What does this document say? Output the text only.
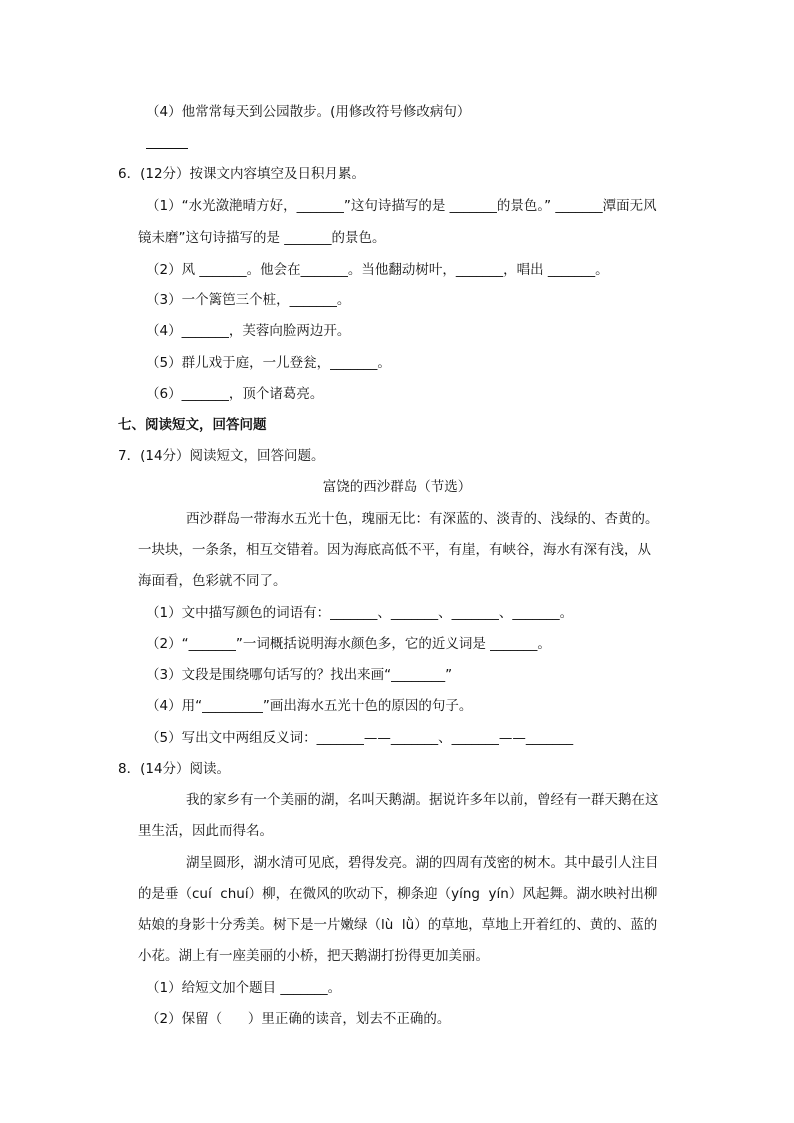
（4）他常常每天到公园散步。(用修改符号修改病句）
6．(12分）按课文内容填空及日积月累。
（1）“水光潋滟晴方好，_______”这句诗描写的是 _______的景色。” _______潭面无风
镜未磨”这句诗描写的是 _______的景色。
（2）风 _______。他会在_______。当他翻动树叶，_______，唱出 _______。
（3）一个篱笆三个桩，_______。
（4）_______，芙蓉向脸两边开。
（5）群儿戏于庭，一儿登瓮，_______。
（6）_______，顶个诸葛亮。
七、阅读短文，回答问题
7．(14分）阅读短文，回答问题。
富饶的西沙群岛（节选）
西沙群岛一带海水五光十色，瑰丽无比：有深蓝的、淡青的、浅绿的、杏黄的。
一块块，一条条，相互交错着。因为海底高低不平，有崖，有峡谷，海水有深有浅，从
海面看，色彩就不同了。
（1）文中描写颜色的词语有：_______、_______、_______、_______。
（2）“_______”一词概括说明海水颜色多，它的近义词是 _______。
（3）文段是围绕哪句话写的？找出来画“________”
（4）用“_________”画出海水五光十色的原因的句子。
（5）写出文中两组反义词：_______——_______、_______——_______
8．(14分）阅读。
我的家乡有一个美丽的湖，名叫天鹅湖。据说许多年以前，曾经有一群天鹅在这
里生活，因此而得名。
湖呈圆形，湖水清可见底，碧得发亮。湖的四周有茂密的树木。其中最引人注目
的是垂（cuí  chuí）柳，在微风的吹动下，柳条迎（yíng  yín）风起舞。湖水映衬出柳
姑娘的身影十分秀美。树下是一片嫩绿（lù  lǜ）的草地，草地上开着红的、黄的、蓝的
小花。湖上有一座美丽的小桥，把天鹅湖打扮得更加美丽。
（1）给短文加个题目 _______。
（2）保留（      ）里正确的读音，划去不正确的。
